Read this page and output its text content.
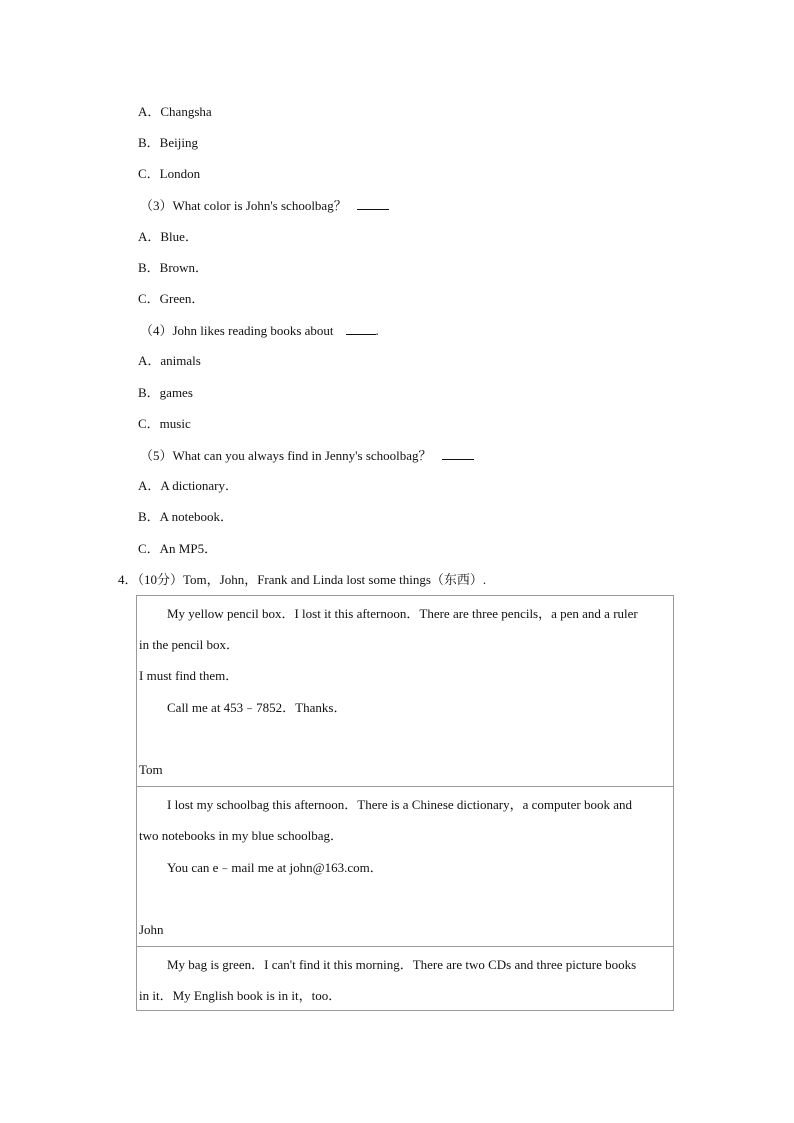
A．Changsha
B．Beijing
C．London
（3）What color is John's schoolbag？
A．Blue．
B．Brown．
C．Green．
（4）John likes reading books about	.
A．animals
B．games
C．music
（5）What can you always find in Jenny's schoolbag？
A．A dictionary．
B．A notebook．
C．An MP5．
4．（10分）Tom，John，Frank and Linda lost some things（东西）.
My yellow pencil box．I lost it this afternoon．There are three pencils，a pen and a ruler
in the pencil box．
I must find them．
Call me at 453﹣7852．Thanks．
Tom
I lost my schoolbag this afternoon．There is a Chinese dictionary，a computer book and
two notebooks in my blue schoolbag．
You can e﹣mail me at john@163.com．
John
My bag is green．I can't find it this morning．There are two CDs and three picture books
in it．My English book is in it，too．
